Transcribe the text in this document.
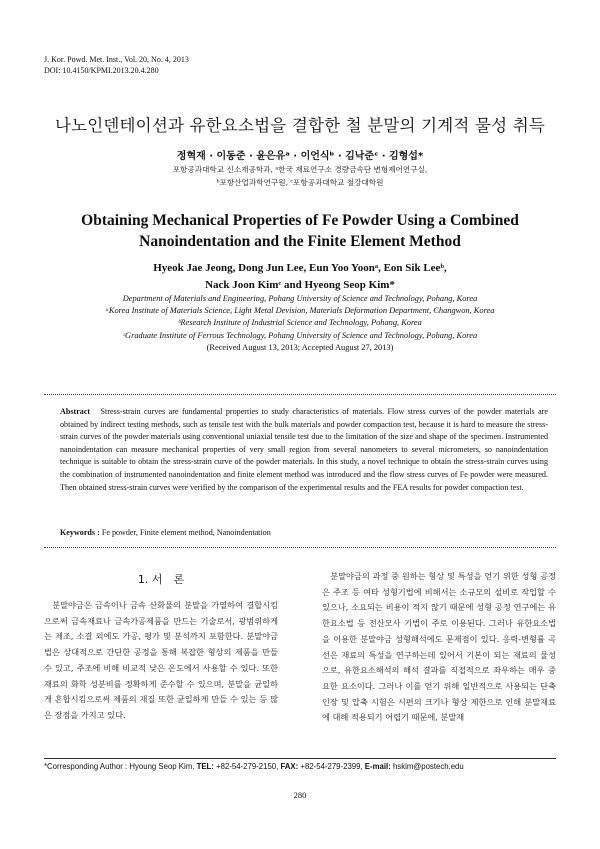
J. Kor. Powd. Met. Inst., Vol. 20, No. 4, 2013
DOI: 10.4150/KPMI.2013.20.4.280
나노인덴테이션과 유한요소법을 결합한 철 분말의 기계적 물성 취득
정혁재 · 이동준 · 윤은유ᵃ · 이언식ᵇ · 김낙준ᶜ · 김형섭*
포항공과대학교 신소재공학과, ᵃ한국 재료연구소 경량금속단 변형제어연구실,
ᵇ포항산업과학연구원, ᶜ포항공과대학교 철강대학원
Obtaining Mechanical Properties of Fe Powder Using a Combined
Nanoindentation and the Finite Element Method
Hyeok Jae Jeong, Dong Jun Lee, Eun Yoo Yoonᵃ, Eon Sik Leeᵇ,
Nack Joon Kimᶜ and Hyeong Seop Kim*
Department of Materials and Engineering, Pohang University of Science and Technology, Pohang, Korea
ᵃKorea Institute of Materials Science, Light Metal Devision, Materials Deformation Department, Changwon, Korea
ᵇResearch Institute of Industrial Science and Technology, Pohang, Korea
ᶜGraduate Institute of Ferrous Technology, Pohang University of Science and Technology, Pohang, Korea
(Received August 13, 2013; Accepted August 27, 2013)
Abstract Stress-strain curves are fundamental properties to study characteristics of materials. Flow stress curves of the powder materials are obtained by indirect testing methods, such as tensile test with the bulk materials and powder compaction test, because it is hard to measure the stress-strain curves of the powder materials using conventional uniaxial tensile test due to the limitation of the size and shape of the specimen. Instrumented nanoindentation can measure mechanical properties of very small region from several nanometers to several micrometers, so nanoindentation technique is suitable to obtain the stress-strain curve of the powder materials. In this study, a novel technique to obtain the stress-strain curves using the combination of instrumented nanoindentation and finite element method was introduced and the flow stress curves of Fe powder were measured. Then obtained stress-strain curves were verified by the comparison of the experimental results and the FEA results for powder compaction test.
Keywords : Fe powder, Finite element method, Nanoindentation
1. 서　론
분말야금은 금속이나 금속 산화물의 분말을 가열하여 결합시킴으로써 금속재료나 금속가공제품을 만드는 기술로서, 광범위하게는 제조, 소결 외에도 가공, 평가 및 분석까지 포함한다. 분말야금법은 상대적으로 간단한 공정을 통해 복잡한 형상의 제품을 만들 수 있고, 주조에 비해 비교적 낮은 온도에서 사용할 수 있다. 또한 재료의 화학 성분비를 정확하게 준수할 수 있으며, 분말을 균일하게 혼합시킴으로써 제품의 재질 또한 균일하게 만들 수 있는 등 많은 장점을 가지고 있다.
분말야금의 과정 중 원하는 형상 및 특성을 얻기 위한 성형 공정은 주조 등 여타 성형기법에 비해서는 소규모의 설비로 작업할 수 있으나, 소요되는 비용이 적지 않기 때문에 성형 공정 연구에는 유한요소법 등 전산모사 기법이 주로 이용된다. 그러나 유한요소법을 이용한 분말야금 성형해석에도 문제점이 있다. 응력-변형률 곡선은 재료의 특성을 연구하는데 있어서 기본이 되는 재료의 물성으로, 유한요소해석의 해석 결과를 직접적으로 좌우하는 매우 중요한 요소이다. 그러나 이를 얻기 위해 일반적으로 사용되는 단축인장 및 압축 시험은 시편의 크기나 형상 제한으로 인해 분말재료에 대해 적용되기 어렵기 때문에, 분말재
*Corresponding Author : Hyoung Seop Kim, TEL: +82-54-279-2150, FAX: +82-54-279-2399, E-mail: hskim@postech.edu
280
